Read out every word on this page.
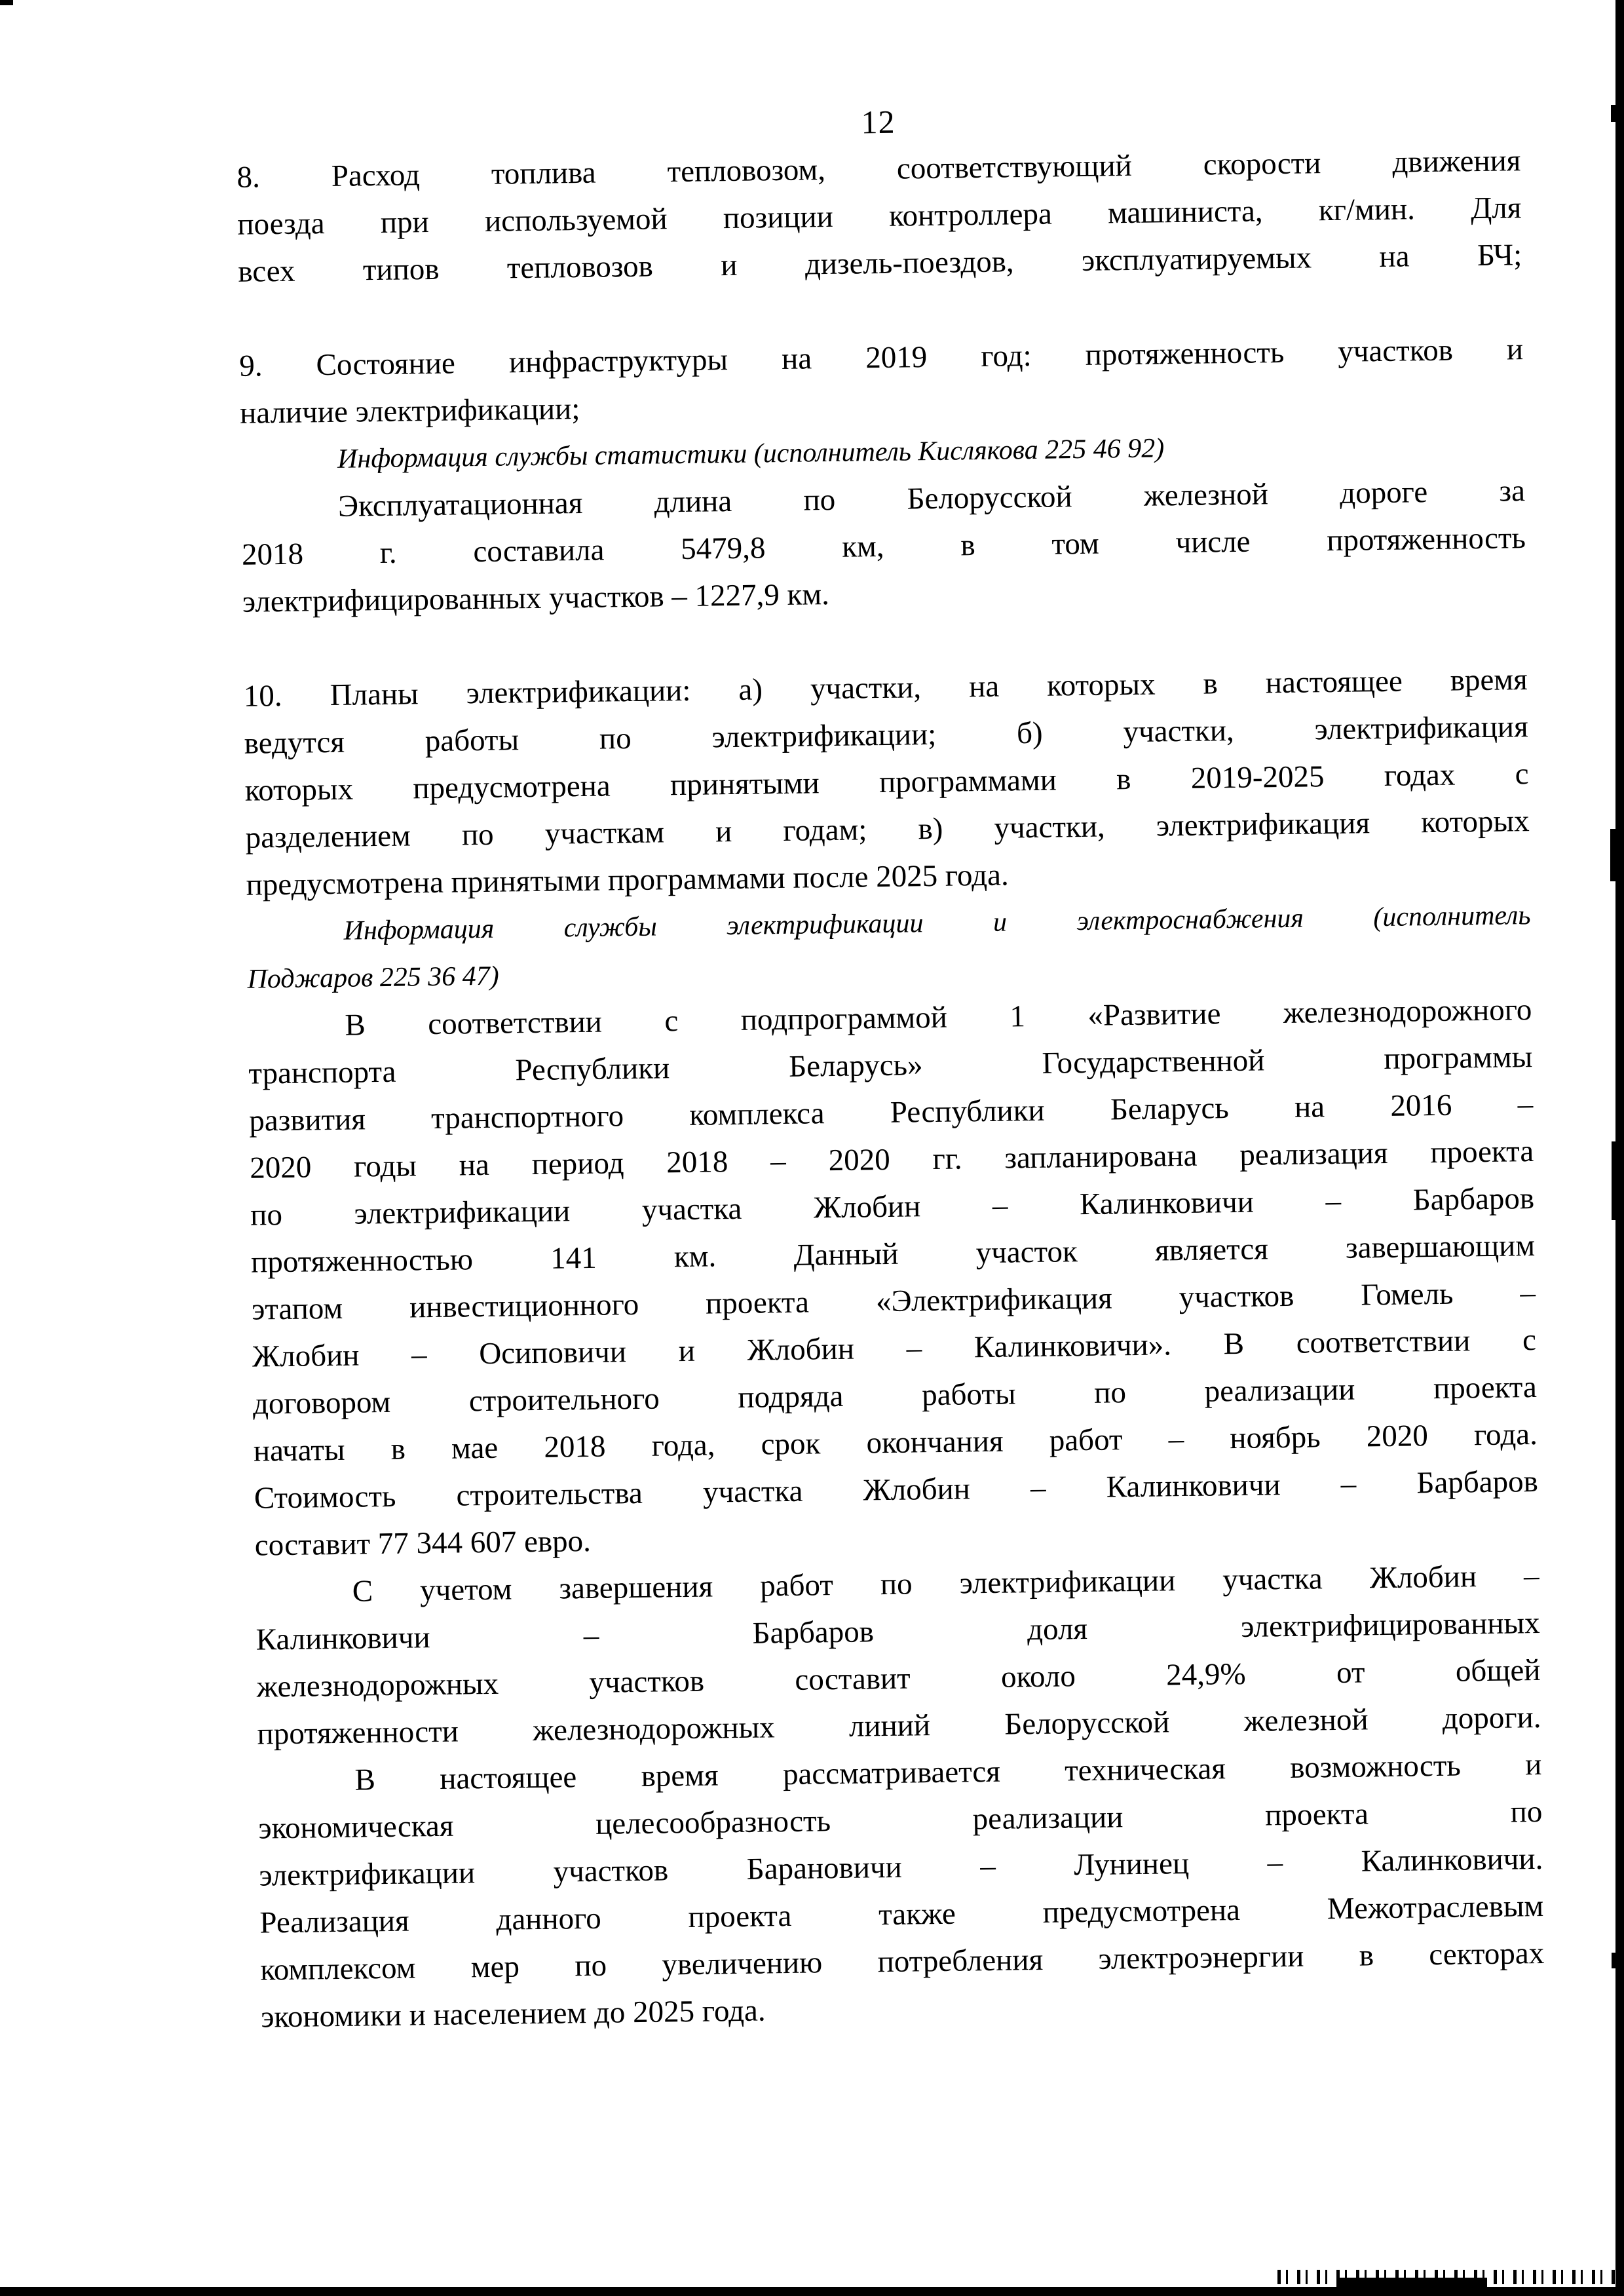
12
8. Расход топлива тепловозом, соответствующий скорости движения
поезда при используемой позиции контроллера машиниста, кг/мин. Для
всех типов тепловозов и дизель-поездов, эксплуатируемых на БЧ;
9. Состояние инфраструктуры на 2019 год: протяженность участков и
наличие электрификации;
Информация службы статистики (исполнитель Кислякова 225 46 92)
Эксплуатационная длина по Белорусской железной дороге за
2018 г. составила 5479,8 км, в том числе протяженность
электрифицированных участков – 1227,9 км.
10. Планы электрификации: а) участки, на которых в настоящее время
ведутся работы по электрификации; б) участки, электрификация
которых предусмотрена принятыми программами в 2019-2025 годах с
разделением по участкам и годам; в) участки, электрификация которых
предусмотрена принятыми программами после 2025 года.
Информация службы электрификации и электроснабжения (исполнитель
Поджаров 225 36 47)
В соответствии с подпрограммой 1 «Развитие железнодорожного
транспорта Республики Беларусь» Государственной программы
развития транспортного комплекса Республики Беларусь на 2016 –
2020 годы на период 2018 – 2020 гг. запланирована реализация проекта
по электрификации участка Жлобин – Калинковичи – Барбаров
протяженностью 141 км. Данный участок является завершающим
этапом инвестиционного проекта «Электрификация участков Гомель –
Жлобин – Осиповичи и Жлобин – Калинковичи». В соответствии с
договором строительного подряда работы по реализации проекта
начаты в мае 2018 года, срок окончания работ – ноябрь 2020 года.
Стоимость строительства участка Жлобин – Калинковичи – Барбаров
составит 77 344 607 евро.
С учетом завершения работ по электрификации участка Жлобин –
Калинковичи – Барбаров доля электрифицированных
железнодорожных участков составит около 24,9% от общей
протяженности железнодорожных линий Белорусской железной дороги.
В настоящее время рассматривается техническая возможность и
экономическая целесообразность реализации проекта по
электрификации участков Барановичи – Лунинец – Калинковичи.
Реализация данного проекта также предусмотрена Межотраслевым
комплексом мер по увеличению потребления электроэнергии в секторах
экономики и населением до 2025 года.
